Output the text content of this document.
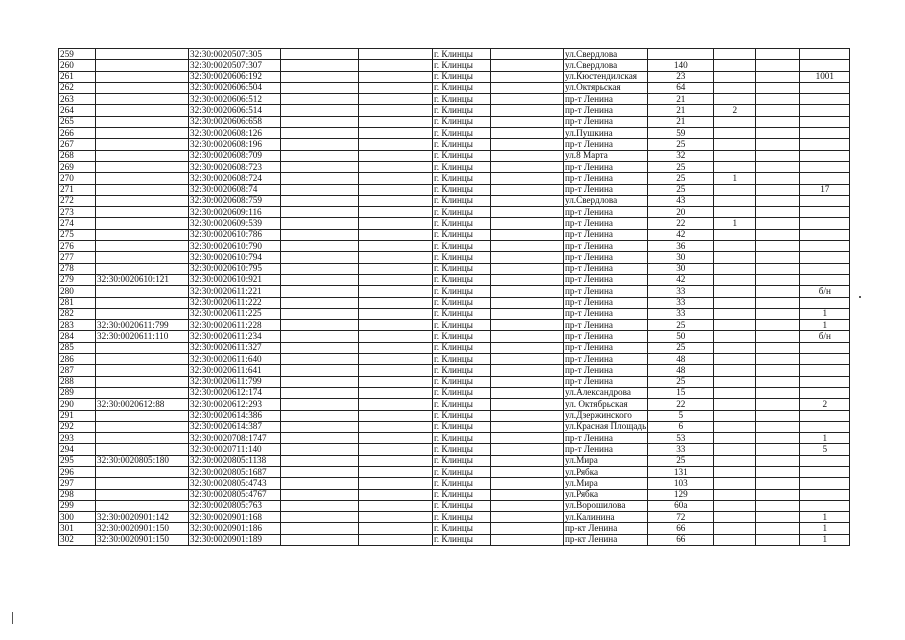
259		32:30:0020507:305			г. Клинцы		ул.Свердлова				
260		32:30:0020507:307			г. Клинцы		ул.Свердлова	140			
261		32:30:0020606:192			г. Клинцы		ул.Кюстендилская	23			1001
262		32:30:0020606:504			г. Клинцы		ул.Октярьская	64			
263		32:30:0020606:512			г. Клинцы		пр-т Ленина	21			
264		32:30:0020606:514			г. Клинцы		пр-т Ленина	21	2		
265		32:30:0020606:658			г. Клинцы		пр-т Ленина	21			
266		32:30:0020608:126			г. Клинцы		ул.Пушкина	59			
267		32:30:0020608:196			г. Клинцы		пр-т Ленина	25			
268		32:30:0020608:709			г. Клинцы		ул.8 Марта	32			
269		32:30:0020608:723			г. Клинцы		пр-т Ленина	25			
270		32:30:0020608:724			г. Клинцы		пр-т Ленина	25	1		
271		32:30:0020608:74			г. Клинцы		пр-т Ленина	25			17
272		32:30:0020608:759			г. Клинцы		ул.Свердлова	43			
273		32:30:0020609:116			г. Клинцы		пр-т Ленина	20			
274		32:30:0020609:539			г. Клинцы		пр-т Ленина	22	1		
275		32:30:0020610:786			г. Клинцы		пр-т Ленина	42			
276		32:30:0020610:790			г. Клинцы		пр-т Ленина	36			
277		32:30:0020610:794			г. Клинцы		пр-т Ленина	30			
278		32:30:0020610:795			г. Клинцы		пр-т Ленина	30			
279	32:30:0020610:121	32:30:0020610:921			г. Клинцы		пр-т Ленина	42			
280		32:30:0020611:221			г. Клинцы		пр-т Ленина	33			б/н
281		32:30:0020611:222			г. Клинцы		пр-т Ленина	33			
282		32:30:0020611:225			г. Клинцы		пр-т Ленина	33			1
283	32:30:0020611:799	32:30:0020611:228			г. Клинцы		пр-т Ленина	25			1
284	32:30:0020611:110	32:30:0020611:234			г. Клинцы		пр-т Ленина	50			б/н
285		32:30:0020611:327			г. Клинцы		пр-т Ленина	25			
286		32:30:0020611:640			г. Клинцы		пр-т Ленина	48			
287		32:30:0020611:641			г. Клинцы		пр-т Ленина	48			
288		32:30:0020611:799			г. Клинцы		пр-т Ленина	25			
289		32:30:0020612:174			г. Клинцы		ул.Александрова	15			
290	32:30:0020612:88	32:30:0020612:293			г. Клинцы		ул. Октябрьская	22			2
291		32:30:0020614:386			г. Клинцы		ул.Дзержинского	5			
292		32:30:0020614:387			г. Клинцы		ул.Красная Площадь	6			
293		32:30:0020708:1747			г. Клинцы		пр-т Ленина	53			1
294		32:30:0020711:140			г. Клинцы		пр-т Ленина	33			5
295	32:30:0020805:180	32:30:0020805:1138			г. Клинцы		ул.Мира	25			
296		32:30:0020805:1687			г. Клинцы		ул.Рябка	131			
297		32:30:0020805:4743			г. Клинцы		ул.Мира	103			
298		32:30:0020805:4767			г. Клинцы		ул.Рябка	129			
299		32:30:0020805:763			г. Клинцы		ул.Ворошилова	60а			
300	32:30:0020901:142	32:30:0020901:168			г. Клинцы		ул.Калинина	72			1
301	32:30:0020901:150	32:30:0020901:186			г. Клинцы		пр-кт Ленина	66			1
302	32:30:0020901:150	32:30:0020901:189			г. Клинцы		пр-кт Ленина	66			1
